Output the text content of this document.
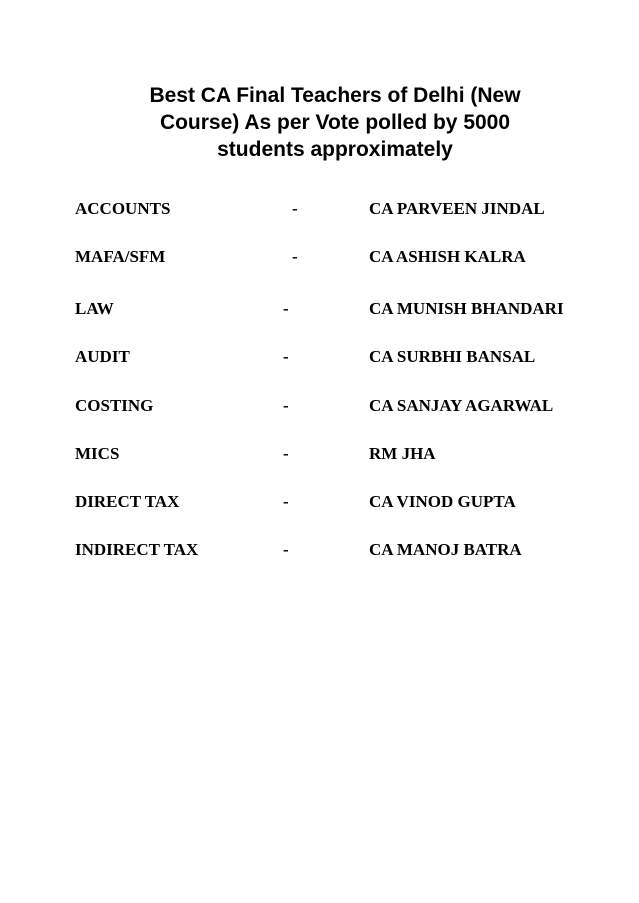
Best CA Final Teachers of Delhi (New
Course) As per Vote polled by 5000
students approximately
ACCOUNTS	-	CA PARVEEN JINDAL
MAFA/SFM	-	CA ASHISH KALRA
LAW	-	CA MUNISH BHANDARI
AUDIT	-	CA SURBHI BANSAL
COSTING	-	CA SANJAY AGARWAL
MICS	-	RM JHA
DIRECT TAX	-	CA VINOD GUPTA
INDIRECT TAX	-	CA MANOJ BATRA
